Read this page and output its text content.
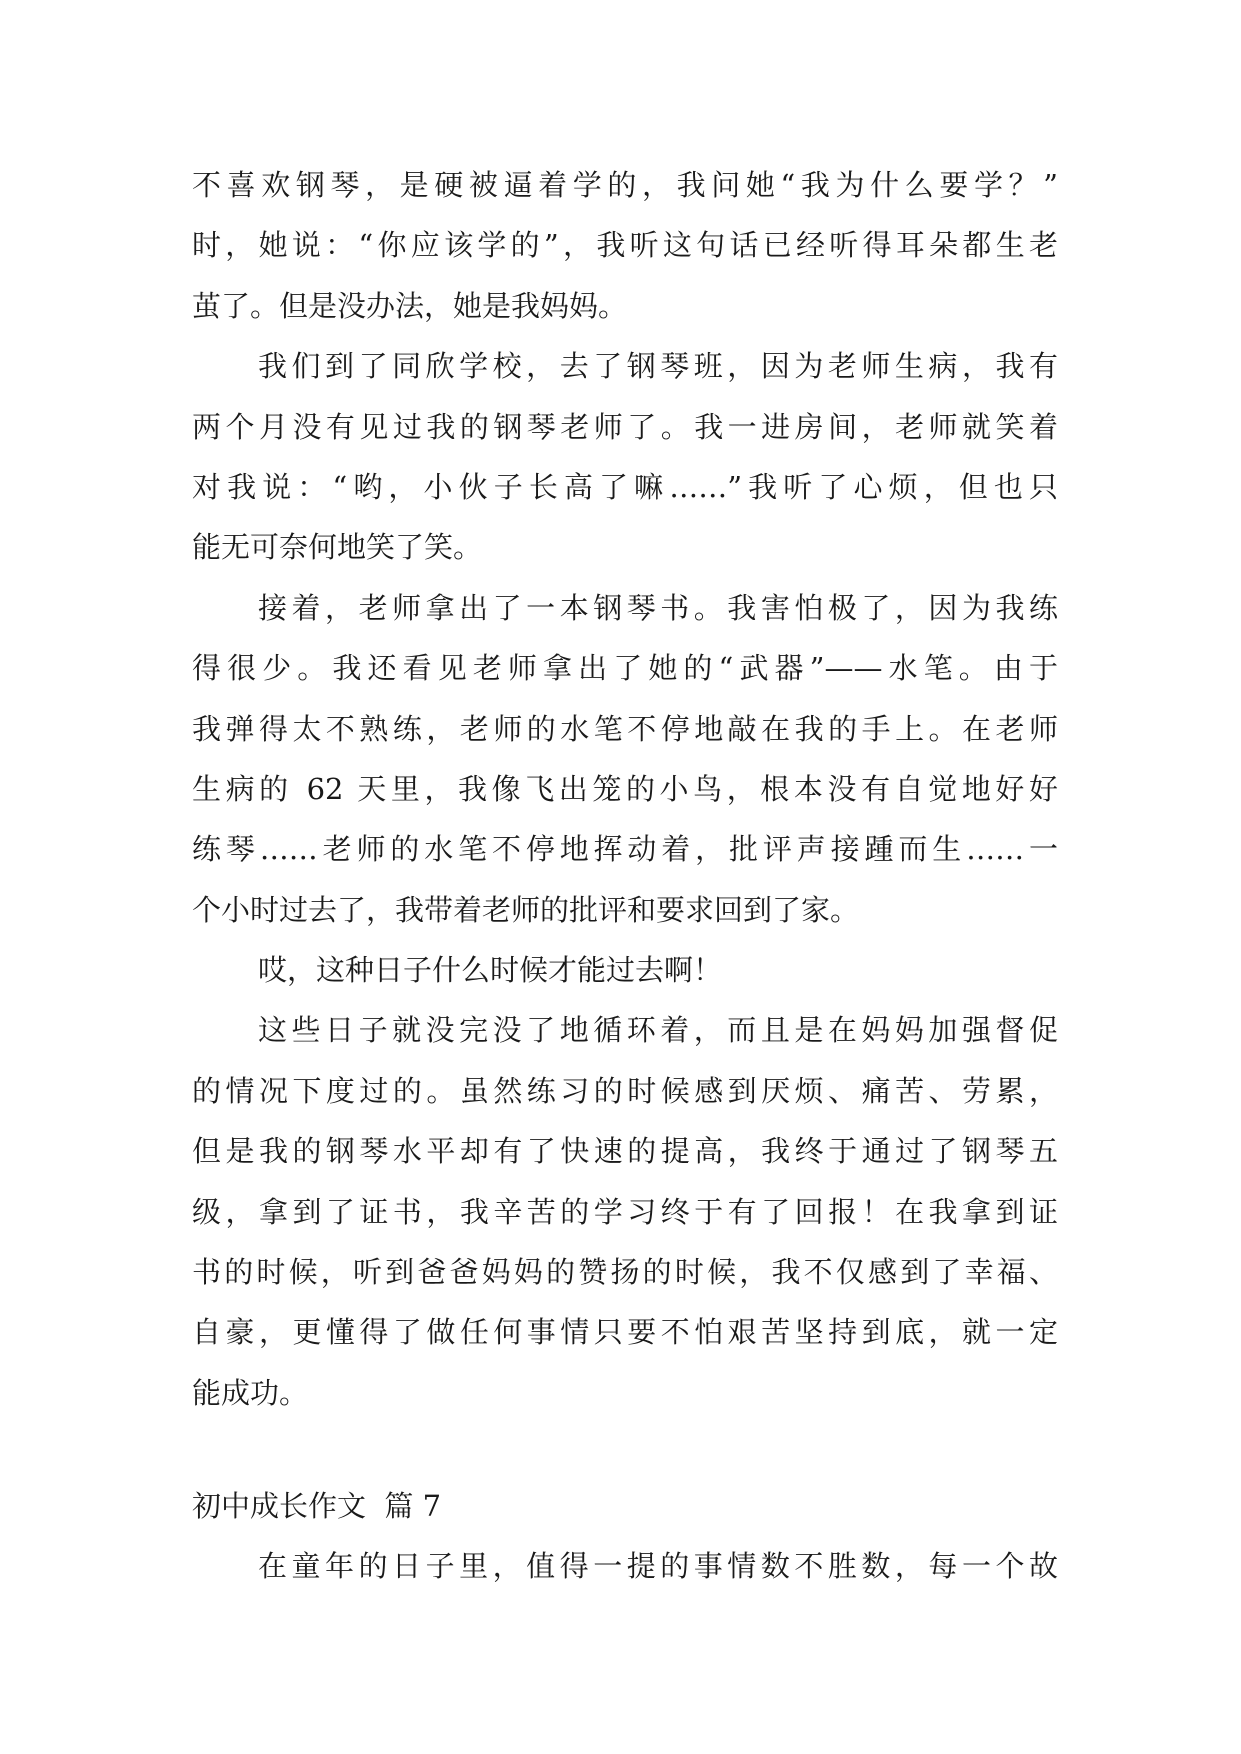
不喜欢钢琴，是硬被逼着学的，我问她“我为什么要学？”
时，她说：“你应该学的”，我听这句话已经听得耳朵都生老
茧了。但是没办法，她是我妈妈。
我们到了同欣学校，去了钢琴班，因为老师生病，我有
两个月没有见过我的钢琴老师了。我一进房间，老师就笑着
对我说：“哟，小伙子长高了嘛……”我听了心烦，但也只
能无可奈何地笑了笑。
接着，老师拿出了一本钢琴书。我害怕极了，因为我练
得很少。我还看见老师拿出了她的“武器”——水笔。由于
我弹得太不熟练，老师的水笔不停地敲在我的手上。在老师
生病的 62 天里，我像飞出笼的小鸟，根本没有自觉地好好
练琴……老师的水笔不停地挥动着，批评声接踵而生……一
个小时过去了，我带着老师的批评和要求回到了家。
哎，这种日子什么时候才能过去啊！
这些日子就没完没了地循环着，而且是在妈妈加强督促
的情况下度过的。虽然练习的时候感到厌烦、痛苦、劳累，
但是我的钢琴水平却有了快速的提高，我终于通过了钢琴五
级，拿到了证书，我辛苦的学习终于有了回报！在我拿到证
书的时候，听到爸爸妈妈的赞扬的时候，我不仅感到了幸福、
自豪，更懂得了做任何事情只要不怕艰苦坚持到底，就一定
能成功。
初中成长作文  篇 7
在童年的日子里，值得一提的事情数不胜数，每一个故
